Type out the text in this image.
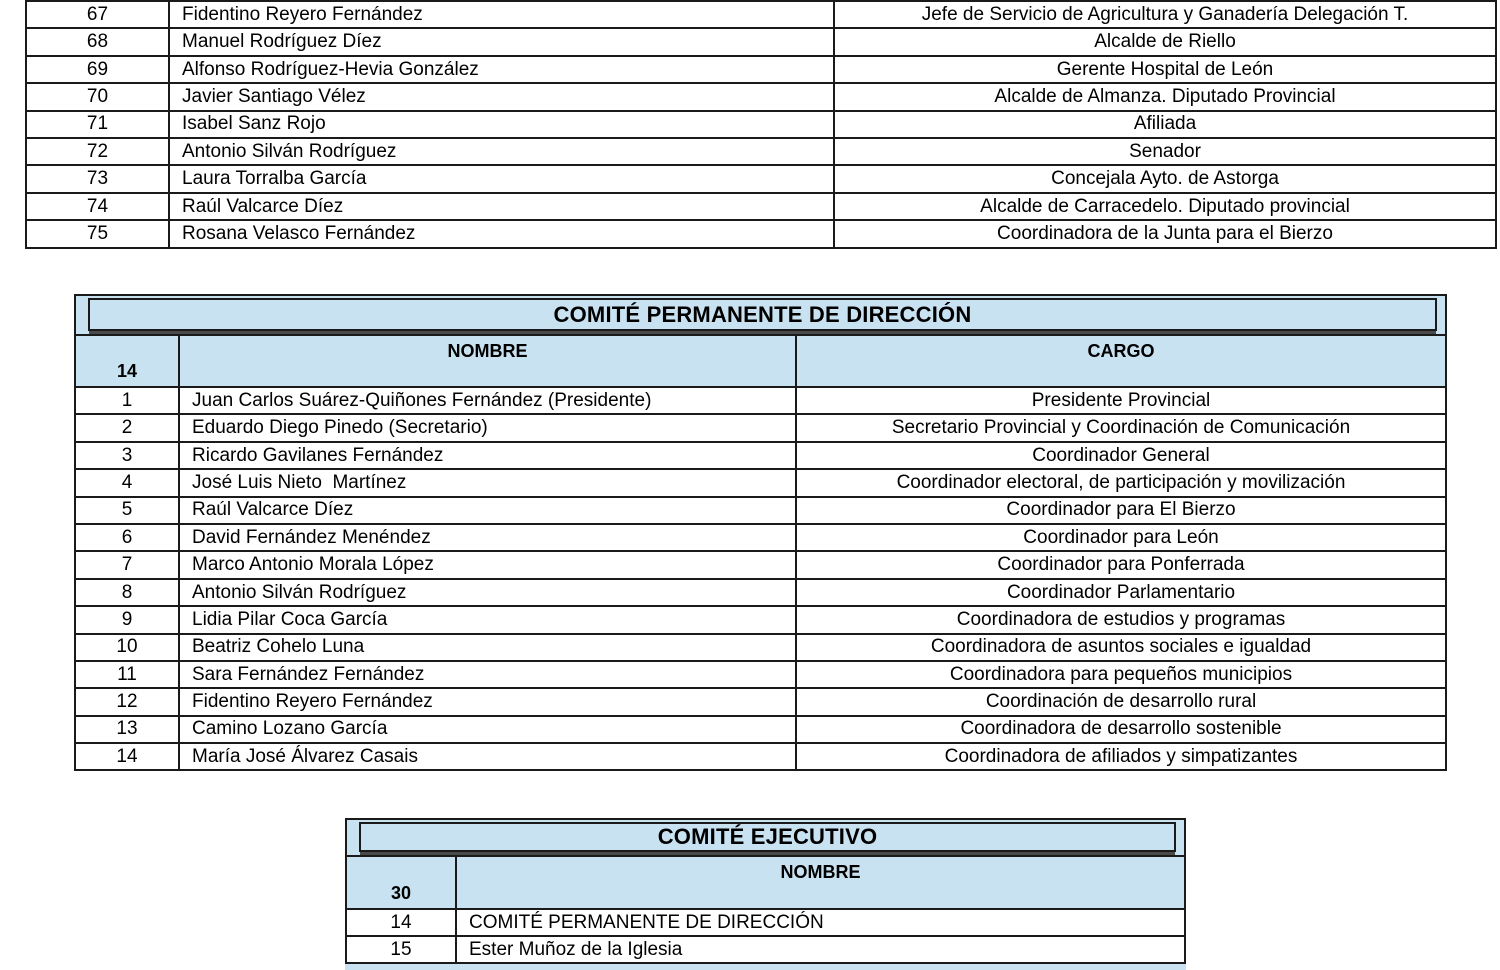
67	Fidentino Reyero Fernández	Jefe de Servicio de Agricultura y Ganadería Delegación T.
68	Manuel Rodríguez Díez	Alcalde de Riello
69	Alfonso Rodríguez-Hevia González	Gerente Hospital de León
70	Javier Santiago Vélez	Alcalde de Almanza. Diputado Provincial
71	Isabel Sanz Rojo	Afiliada
72	Antonio Silván Rodríguez	Senador
73	Laura Torralba García	Concejala Ayto. de Astorga
74	Raúl Valcarce Díez	Alcalde de Carracedelo. Diputado provincial
75	Rosana Velasco Fernández	Coordinadora de la Junta para el Bierzo
COMITÉ PERMANENTE DE DIRECCIÓN
14	NOMBRE	CARGO
1	Juan Carlos Suárez-Quiñones Fernández (Presidente)	Presidente Provincial
2	Eduardo Diego Pinedo (Secretario)	Secretario Provincial y Coordinación de Comunicación
3	Ricardo Gavilanes Fernández	Coordinador General
4	José Luis Nieto  Martínez	Coordinador electoral, de participación y movilización
5	Raúl Valcarce Díez	Coordinador para El Bierzo
6	David Fernández Menéndez	Coordinador para León
7	Marco Antonio Morala López	Coordinador para Ponferrada
8	Antonio Silván Rodríguez	Coordinador Parlamentario
9	Lidia Pilar Coca García	Coordinadora de estudios y programas
10	Beatriz Cohelo Luna	Coordinadora de asuntos sociales e igualdad
11	Sara Fernández Fernández	Coordinadora para pequeños municipios
12	Fidentino Reyero Fernández	Coordinación de desarrollo rural
13	Camino Lozano García	Coordinadora de desarrollo sostenible
14	María José Álvarez Casais	Coordinadora de afiliados y simpatizantes
COMITÉ EJECUTIVO
30	NOMBRE
14	COMITÉ PERMANENTE DE DIRECCIÓN
15	Ester Muñoz de la Iglesia
